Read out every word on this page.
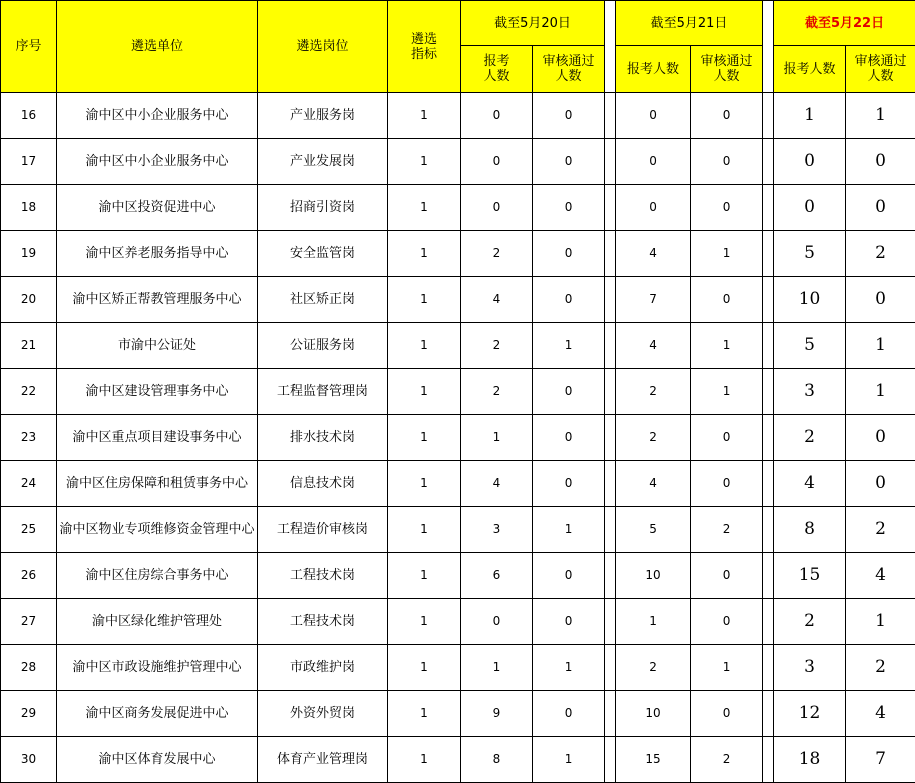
序号	遴选单位	遴选岗位	遴选指标	截至5月20日			截至5月21日			截至5月22日	
				报考人数	审核通过人数		报考人数	审核通过人数		报考人数	审核通过人数
16	渝中区中小企业服务中心	产业服务岗	1	0	0		0	0		1	1
17	渝中区中小企业服务中心	产业发展岗	1	0	0		0	0		0	0
18	渝中区投资促进中心	招商引资岗	1	0	0		0	0		0	0
19	渝中区养老服务指导中心	安全监管岗	1	2	0		4	1		5	2
20	渝中区矫正帮教管理服务中心	社区矫正岗	1	4	0		7	0		10	0
21	市渝中公证处	公证服务岗	1	2	1		4	1		5	1
22	渝中区建设管理事务中心	工程监督管理岗	1	2	0		2	1		3	1
23	渝中区重点项目建设事务中心	排水技术岗	1	1	0		2	0		2	0
24	渝中区住房保障和租赁事务中心	信息技术岗	1	4	0		4	0		4	0
25	渝中区物业专项维修资金管理中心	工程造价审核岗	1	3	1		5	2		8	2
26	渝中区住房综合事务中心	工程技术岗	1	6	0		10	0		15	4
27	渝中区绿化维护管理处	工程技术岗	1	0	0		1	0		2	1
28	渝中区市政设施维护管理中心	市政维护岗	1	1	1		2	1		3	2
29	渝中区商务发展促进中心	外资外贸岗	1	9	0		10	0		12	4
30	渝中区体育发展中心	体育产业管理岗	1	8	1		15	2		18	7
